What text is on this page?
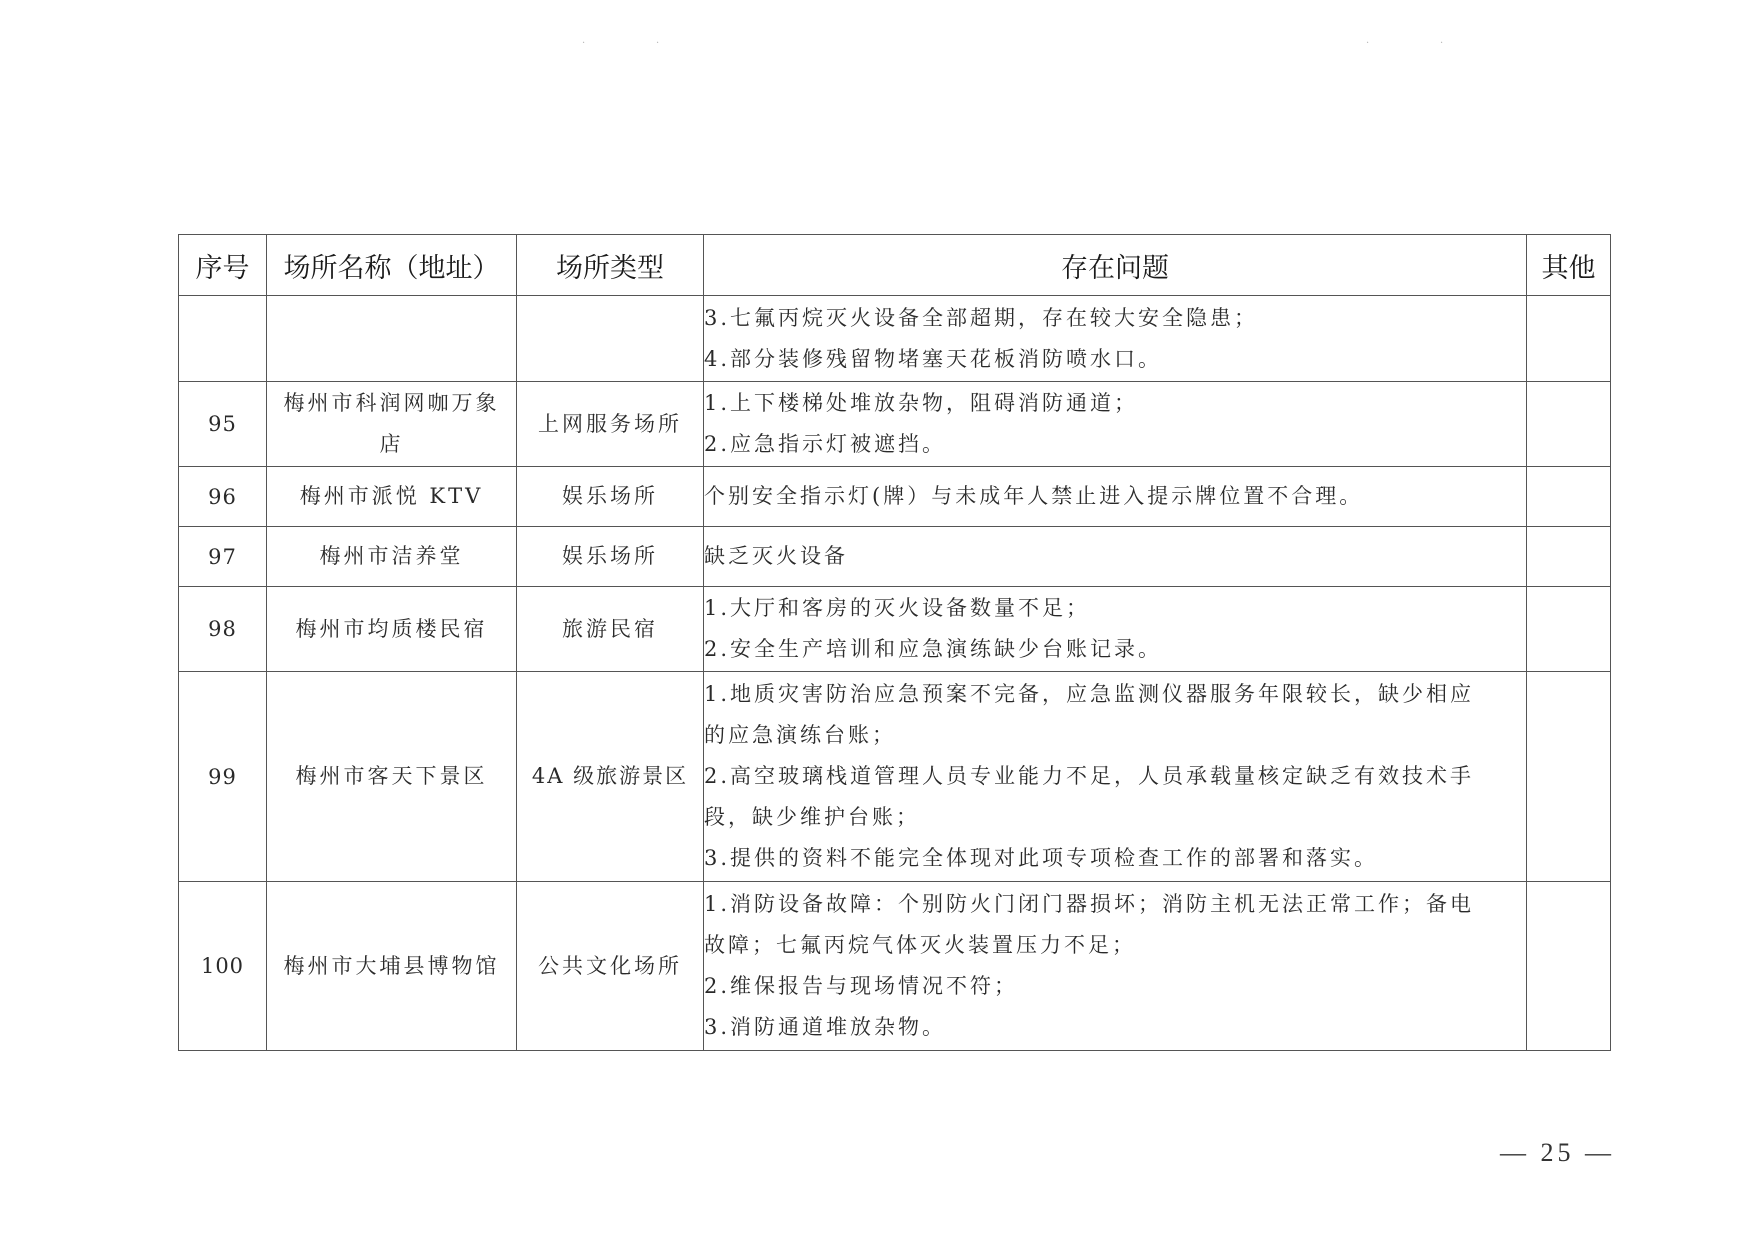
·	·	·	·
序号	场所名称（地址）	场所类型	存在问题	其他

			3.七氟丙烷灭火设备全部超期，存在较大安全隐患；
4.部分装修残留物堵塞天花板消防喷水口。	

95	梅州市科润网咖万象店	上网服务场所	1.上下楼梯处堆放杂物，阻碍消防通道；
2.应急指示灯被遮挡。	

96	梅州市派悦 KTV	娱乐场所	个别安全指示灯(牌）与未成年人禁止进入提示牌位置不合理。	

97	梅州市洁养堂	娱乐场所	缺乏灭火设备	

98	梅州市均质楼民宿	旅游民宿	1.大厅和客房的灭火设备数量不足；
2.安全生产培训和应急演练缺少台账记录。	

99	梅州市客天下景区	4A 级旅游景区	1.地质灾害防治应急预案不完备，应急监测仪器服务年限较长，缺少相应
的应急演练台账；
2.高空玻璃栈道管理人员专业能力不足，人员承载量核定缺乏有效技术手
段，缺少维护台账；
3.提供的资料不能完全体现对此项专项检查工作的部署和落实。	

100	梅州市大埔县博物馆	公共文化场所	1.消防设备故障：个别防火门闭门器损坏；消防主机无法正常工作；备电
故障；七氟丙烷气体灭火装置压力不足；
2.维保报告与现场情况不符；
3.消防通道堆放杂物。	

— 25 —
